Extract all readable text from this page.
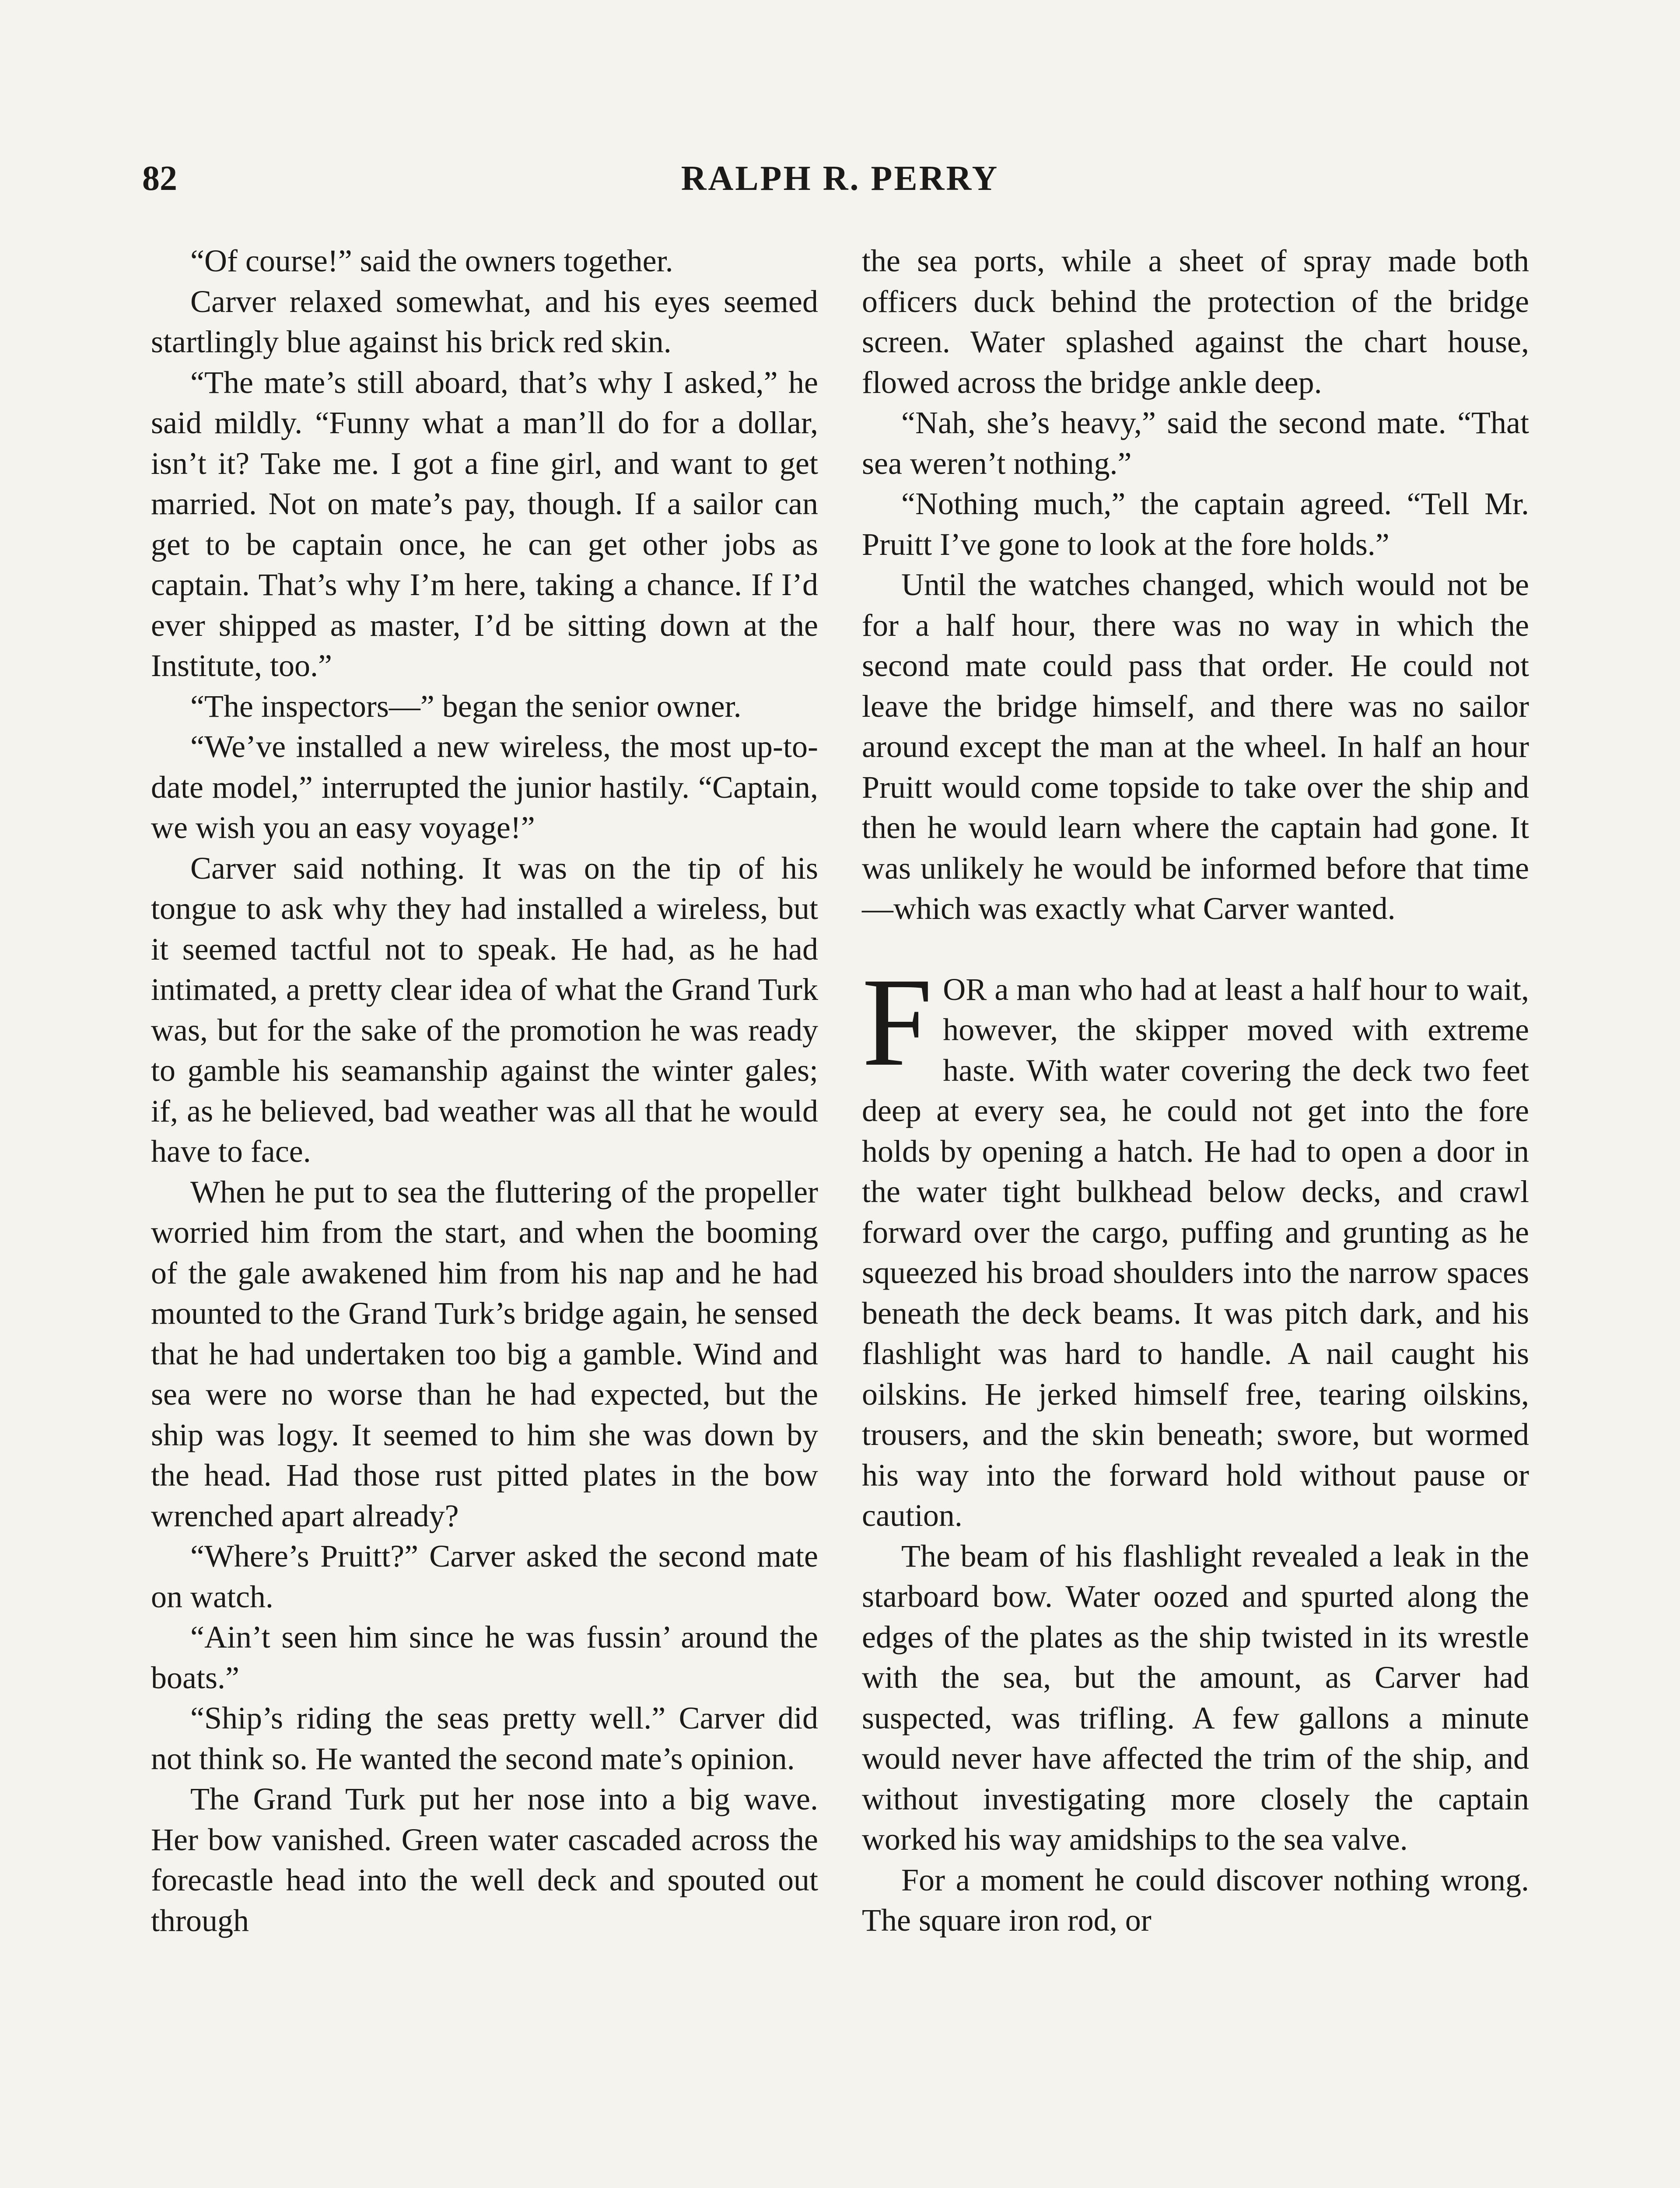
82	RALPH R. PERRY

“Of course!” said the owners together.

Carver relaxed somewhat, and his eyes seemed startlingly blue against his brick red skin.

“The mate’s still aboard, that’s why I asked,” he said mildly. “Funny what a man’ll do for a dollar, isn’t it? Take me. I got a fine girl, and want to get married. Not on mate’s pay, though. If a sailor can get to be captain once, he can get other jobs as captain. That’s why I’m here, taking a chance. If I’d ever shipped as master, I’d be sitting down at the Institute, too.”

“The inspectors—” began the senior owner.

“We’ve installed a new wireless, the most up-to-date model,” interrupted the junior hastily. “Captain, we wish you an easy voyage!”

Carver said nothing. It was on the tip of his tongue to ask why they had installed a wireless, but it seemed tactful not to speak. He had, as he had intimated, a pretty clear idea of what the Grand Turk was, but for the sake of the promotion he was ready to gamble his seamanship against the winter gales; if, as he believed, bad weather was all that he would have to face.

When he put to sea the fluttering of the propeller worried him from the start, and when the booming of the gale awakened him from his nap and he had mounted to the Grand Turk’s bridge again, he sensed that he had undertaken too big a gamble. Wind and sea were no worse than he had expected, but the ship was logy. It seemed to him she was down by the head. Had those rust pitted plates in the bow wrenched apart already?

“Where’s Pruitt?” Carver asked the second mate on watch.

“Ain’t seen him since he was fussin’ around the boats.”

“Ship’s riding the seas pretty well.” Carver did not think so. He wanted the second mate’s opinion.

The Grand Turk put her nose into a big wave. Her bow vanished. Green water cascaded across the forecastle head into the well deck and spouted out through

the sea ports, while a sheet of spray made both officers duck behind the protection of the bridge screen. Water splashed against the chart house, flowed across the bridge ankle deep.

“Nah, she’s heavy,” said the second mate. “That sea weren’t nothing.”

“Nothing much,” the captain agreed. “Tell Mr. Pruitt I’ve gone to look at the fore holds.”

Until the watches changed, which would not be for a half hour, there was no way in which the second mate could pass that order. He could not leave the bridge himself, and there was no sailor around except the man at the wheel. In half an hour Pruitt would come topside to take over the ship and then he would learn where the captain had gone. It was unlikely he would be informed before that time—which was exactly what Carver wanted.

FOR a man who had at least a half hour to wait, however, the skipper moved with extreme haste. With water covering the deck two feet deep at every sea, he could not get into the fore holds by opening a hatch. He had to open a door in the water tight bulkhead below decks, and crawl forward over the cargo, puffing and grunting as he squeezed his broad shoulders into the narrow spaces beneath the deck beams. It was pitch dark, and his flashlight was hard to handle. A nail caught his oilskins. He jerked himself free, tearing oilskins, trousers, and the skin beneath; swore, but wormed his way into the forward hold without pause or caution.

The beam of his flashlight revealed a leak in the starboard bow. Water oozed and spurted along the edges of the plates as the ship twisted in its wrestle with the sea, but the amount, as Carver had suspected, was trifling. A few gallons a minute would never have affected the trim of the ship, and without investigating more closely the captain worked his way amidships to the sea valve.

For a moment he could discover nothing wrong. The square iron rod, or
